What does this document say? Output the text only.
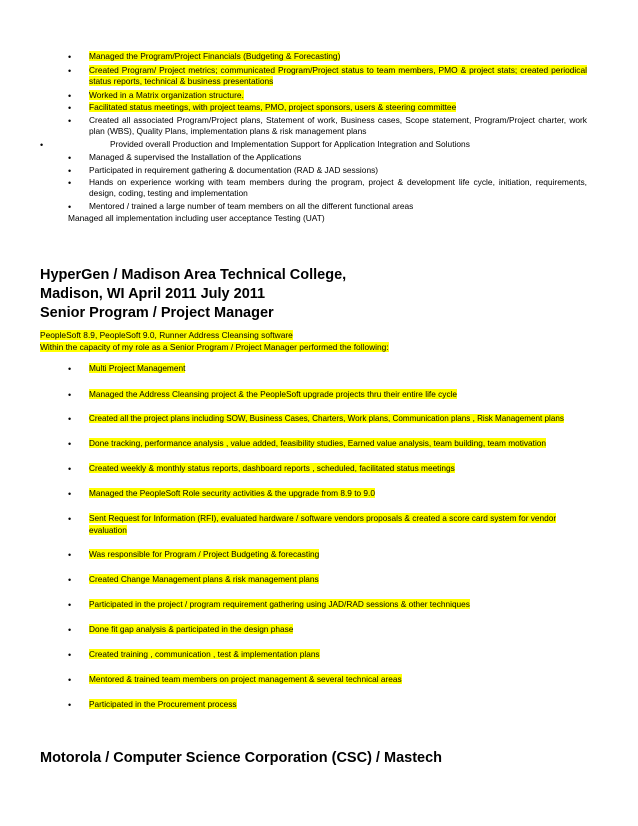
• Managed the Program/Project Financials (Budgeting & Forecasting)
• Created Program/ Project metrics; communicated Program/Project status to team members, PMO & project stats; created periodical status reports, technical & business presentations
• Worked in a Matrix organization structure.
• Facilitated status meetings, with project teams, PMO, project sponsors, users & steering committee
• Created all associated Program/Project plans, Statement of work, Business cases, Scope statement, Program/Project charter, work plan (WBS), Quality Plans, implementation plans & risk management plans
•	Provided overall Production and Implementation Support for Application Integration and Solutions
• Managed & supervised the Installation of the Applications
• Participated in requirement gathering & documentation (RAD & JAD sessions)
• Hands on experience working with team members during the program, project & development life cycle, initiation, requirements, design, coding, testing and implementation
• Mentored / trained a large number of team members on all the different functional areas
Managed all implementation including user acceptance Testing (UAT)
HyperGen / Madison Area Technical College,
Madison, WI April 2011 July 2011
Senior Program / Project Manager
PeopleSoft 8.9, PeopleSoft 9.0, Runner Address Cleansing software
Within the capacity of my role as a Senior Program / Project Manager performed the following:
• Multi Project Management
• Managed the Address Cleansing project & the PeopleSoft upgrade projects thru their entire life cycle
• Created all the project plans including SOW, Business Cases, Charters, Work plans, Communication plans , Risk Management plans
• Done tracking, performance analysis , value added, feasibility studies, Earned value analysis, team building, team motivation
• Created weekly & monthly status reports, dashboard reports , scheduled, facilitated status meetings
• Managed the PeopleSoft Role security activities & the upgrade from 8.9 to 9.0
• Sent Request for Information (RFI), evaluated hardware / software vendors proposals & created a score card system for vendor evaluation
• Was responsible for Program / Project Budgeting & forecasting
• Created Change Management plans & risk management plans
• Participated in the project / program requirement gathering using JAD/RAD sessions & other techniques
• Done fit gap analysis & participated in the design phase
• Created training , communication , test & implementation plans
• Mentored & trained team members on project management & several technical areas
• Participated in the Procurement process
Motorola / Computer Science Corporation (CSC) / Mastech
